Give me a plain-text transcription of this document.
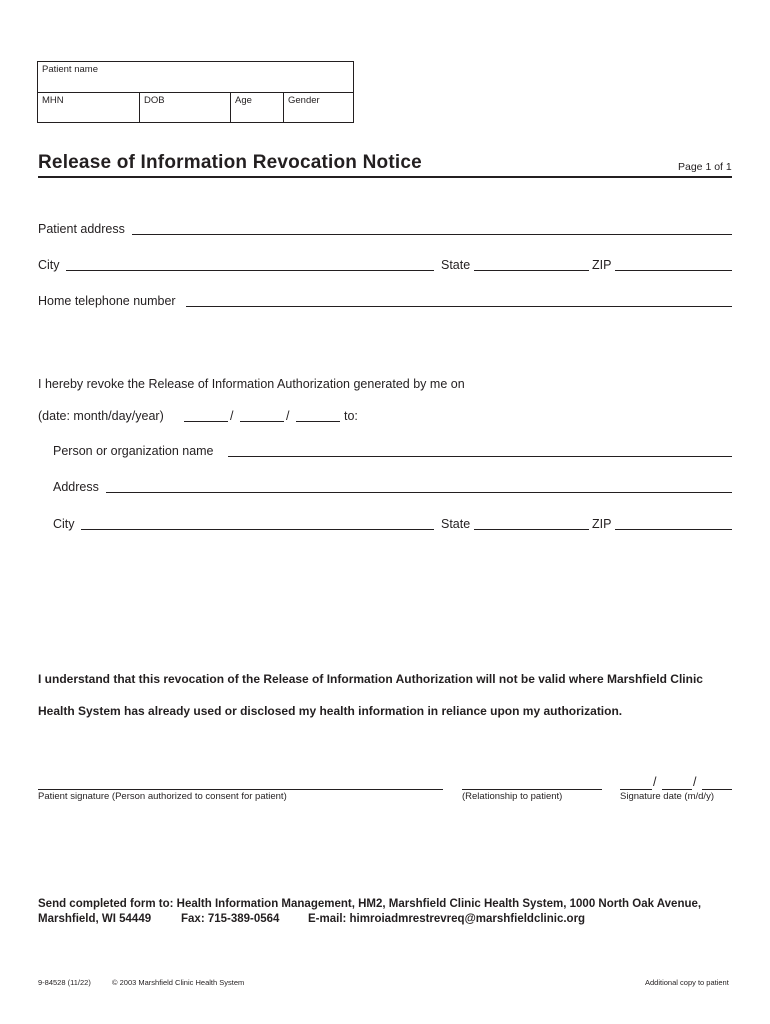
Patient name
MHN	DOB	Age	Gender
Release of Information Revocation Notice	Page 1 of 1
Patient address
City	State	ZIP
Home telephone number
I hereby revoke the Release of Information Authorization generated by me on
(date: month/day/year)	/	/	to:
Person or organization name
Address
City	State	ZIP
I understand that this revocation of the Release of Information Authorization will not be valid where Marshfield Clinic
Health System has already used or disclosed my health information in reliance upon my authorization.
Patient signature (Person authorized to consent for patient)	(Relationship to patient)
/	/
Signature date (m/d/y)
Send completed form to: Health Information Management, HM2, Marshfield Clinic Health System, 1000 North Oak Avenue,
Marshfield, WI 54449	Fax: 715-389-0564 E-mail: himroiadmrestrevreq@marshfieldclinic.org
9-84528 (11/22)	© 2003 Marshfield Clinic Health System	Additional copy to patient
